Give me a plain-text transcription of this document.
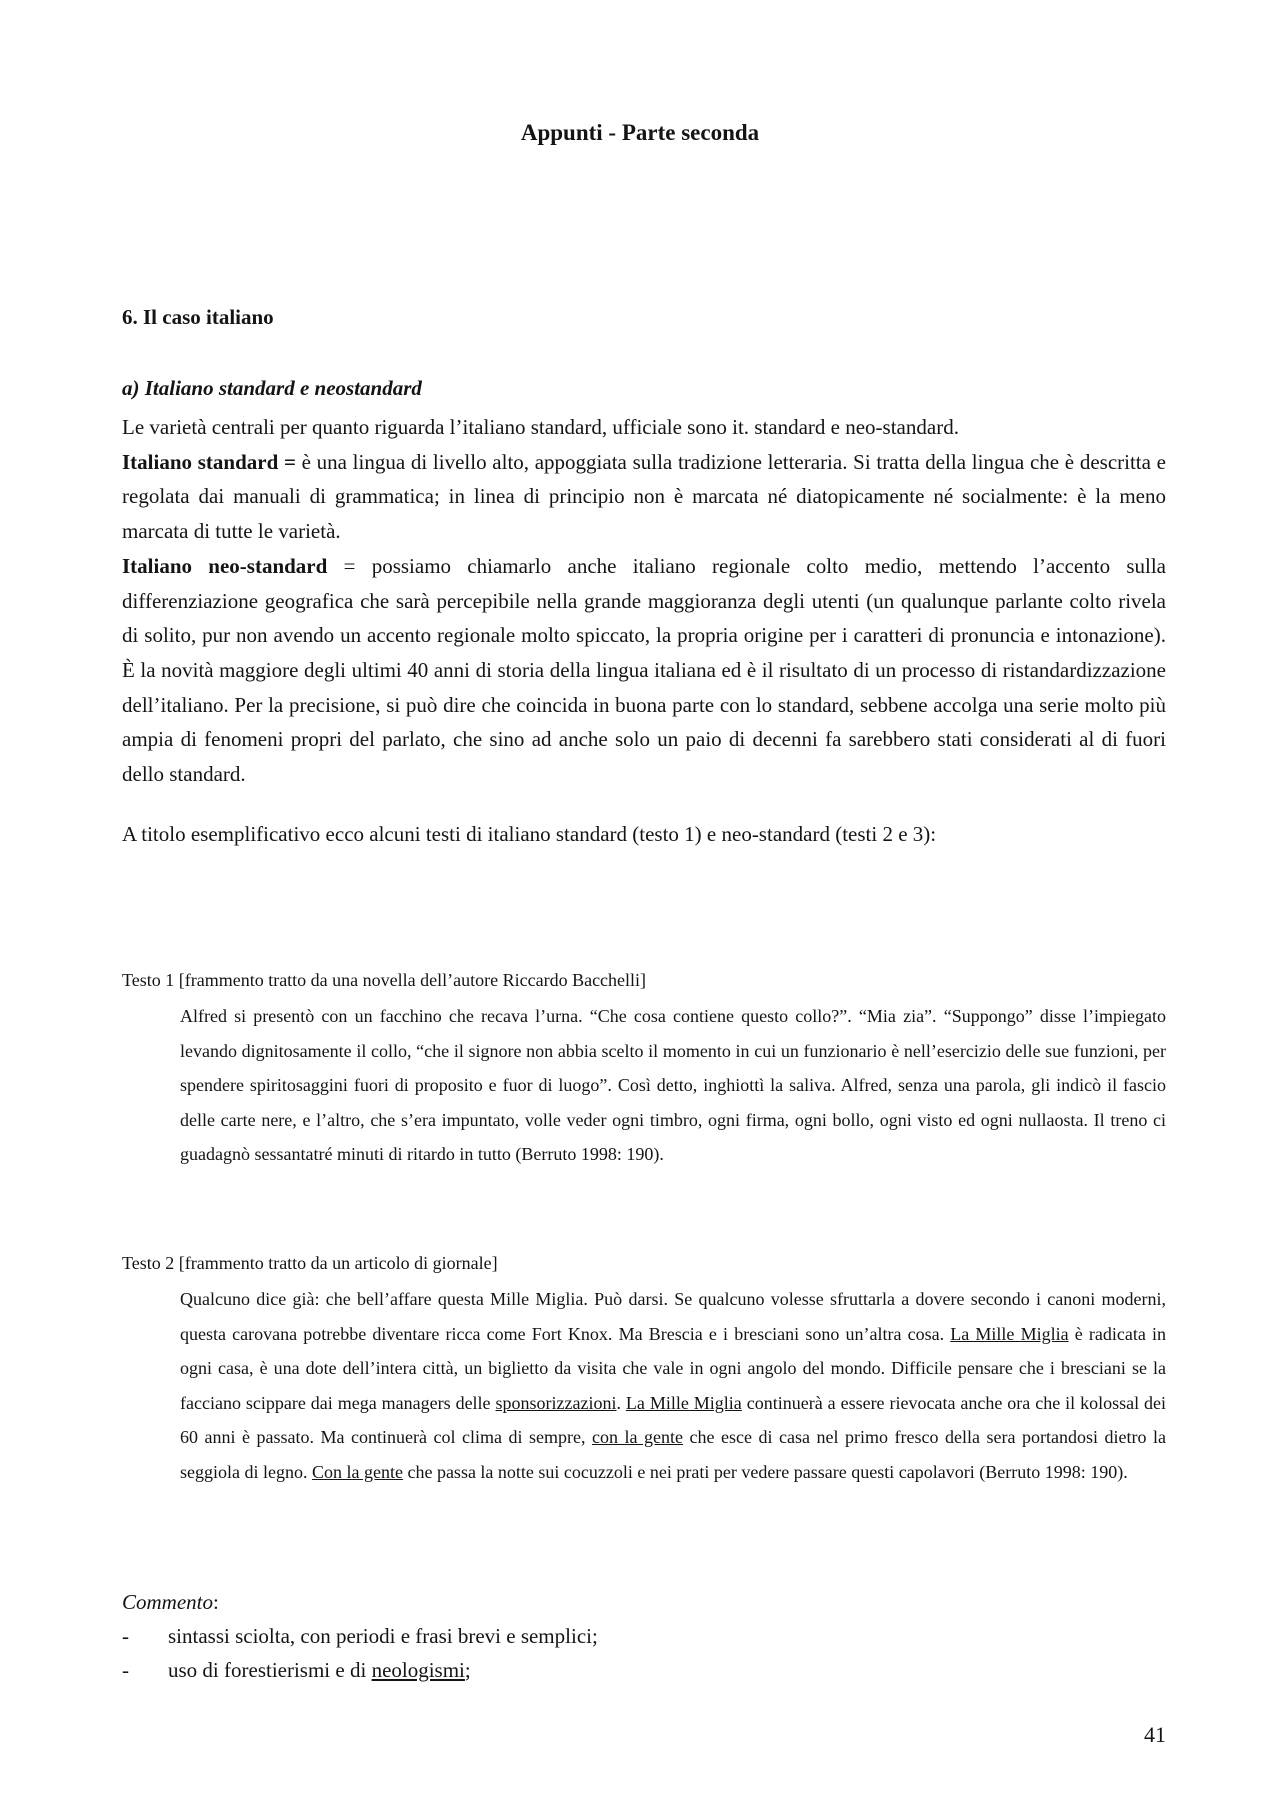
Appunti - Parte seconda
6. Il caso italiano
a) Italiano standard e neostandard

Le varietà centrali per quanto riguarda l’italiano standard, ufficiale sono it. standard e neo-standard.

Italiano standard = è una lingua di livello alto, appoggiata sulla tradizione letteraria. Si tratta della lingua che è descritta e regolata dai manuali di grammatica; in linea di principio non è marcata né diatopicamente né socialmente: è la meno marcata di tutte le varietà.

Italiano neo-standard = possiamo chiamarlo anche italiano regionale colto medio, mettendo l’accento sulla differenziazione geografica che sarà percepibile nella grande maggioranza degli utenti (un qualunque parlante colto rivela di solito, pur non avendo un accento regionale molto spiccato, la propria origine per i caratteri di pronuncia e intonazione). È la novità maggiore degli ultimi 40 anni di storia della lingua italiana ed è il risultato di un processo di ristandardizzazione dell’italiano. Per la precisione, si può dire che coincida in buona parte con lo standard, sebbene accolga una serie molto più ampia di fenomeni propri del parlato, che sino ad anche solo un paio di decenni fa sarebbero stati considerati al di fuori dello standard.

A titolo esemplificativo ecco alcuni testi di italiano standard (testo 1) e neo-standard (testi 2 e 3):

Testo 1 [frammento tratto da una novella dell’autore Riccardo Bacchelli]

Alfred si presentò con un facchino che recava l’urna. “Che cosa contiene questo collo?”. “Mia zia”. “Suppongo” disse l’impiegato levando dignitosamente il collo, “che il signore non abbia scelto il momento in cui un funzionario è nell’esercizio delle sue funzioni, per spendere spiritosaggini fuori di proposito e fuor di luogo”. Così detto, inghiottì la saliva. Alfred, senza una parola, gli indicò il fascio delle carte nere, e l’altro, che s’era impuntato, volle veder ogni timbro, ogni firma, ogni bollo, ogni visto ed ogni nullaosta. Il treno ci guadagnò sessantatré minuti di ritardo in tutto (Berruto 1998: 190).

Testo 2 [frammento tratto da un articolo di giornale]

Qualcuno dice già: che bell’affare questa Mille Miglia. Può darsi. Se qualcuno volesse sfruttarla a dovere secondo i canoni moderni, questa carovana potrebbe diventare ricca come Fort Knox. Ma Brescia e i bresciani sono un’altra cosa. La Mille Miglia è radicata in ogni casa, è una dote dell’intera città, un biglietto da visita che vale in ogni angolo del mondo. Difficile pensare che i bresciani se la facciano scippare dai mega managers delle sponsorizzazioni. La Mille Miglia continuerà a essere rievocata anche ora che il kolossal dei 60 anni è passato. Ma continuerà col clima di sempre, con la gente che esce di casa nel primo fresco della sera portandosi dietro la seggiola di legno. Con la gente che passa la notte sui cocuzzoli e nei prati per vedere passare questi capolavori (Berruto 1998: 190).

Commento:

- sintassi sciolta, con periodi e frasi brevi e semplici;
- uso di forestierismi e di neologismi;

41
